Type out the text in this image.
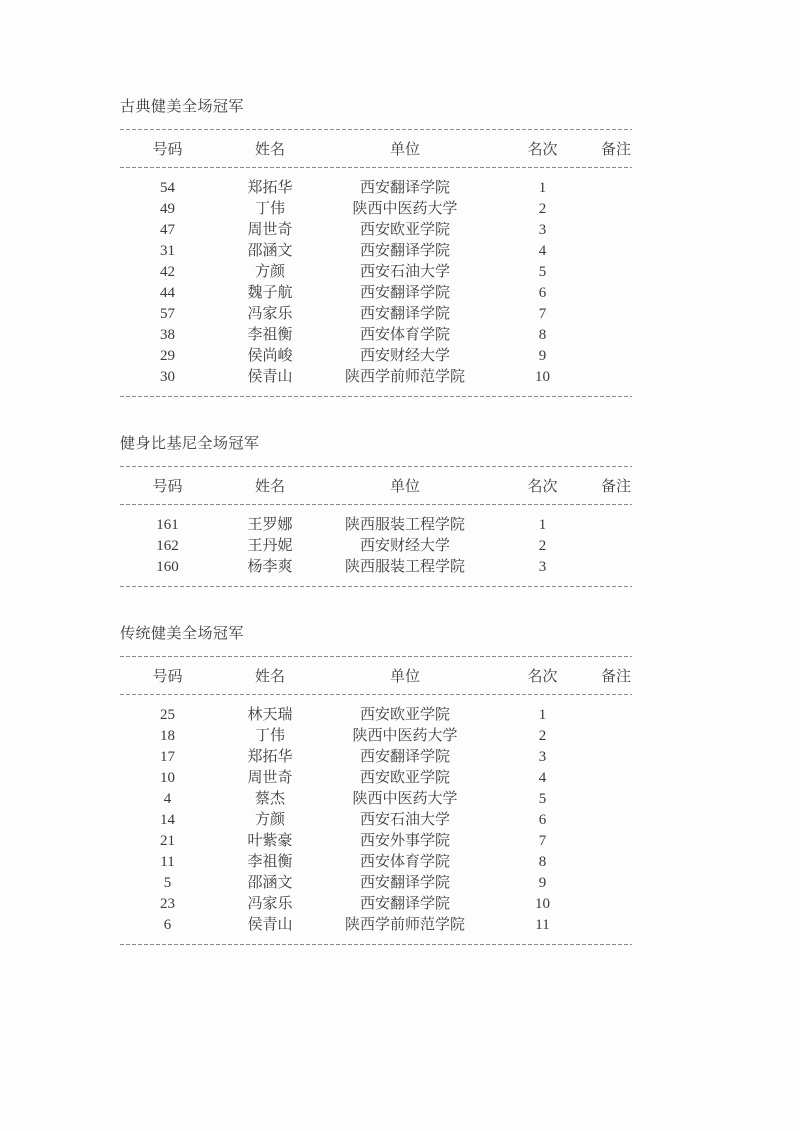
古典健美全场冠军
号码	姓名	单位	名次	备注
54	郑拓华	西安翻译学院	1
49	丁伟	陕西中医药大学	2
47	周世奇	西安欧亚学院	3
31	邵涵文	西安翻译学院	4
42	方颜	西安石油大学	5
44	魏子航	西安翻译学院	6
57	冯家乐	西安翻译学院	7
38	李祖衡	西安体育学院	8
29	侯尚峻	西安财经大学	9
30	侯青山	陕西学前师范学院	10
健身比基尼全场冠军
号码	姓名	单位	名次	备注
161	王罗娜	陕西服装工程学院	1
162	王丹妮	西安财经大学	2
160	杨李爽	陕西服装工程学院	3
传统健美全场冠军
号码	姓名	单位	名次	备注
25	林天瑞	西安欧亚学院	1
18	丁伟	陕西中医药大学	2
17	郑拓华	西安翻译学院	3
10	周世奇	西安欧亚学院	4
4	蔡杰	陕西中医药大学	5
14	方颜	西安石油大学	6
21	叶紫豪	西安外事学院	7
11	李祖衡	西安体育学院	8
5	邵涵文	西安翻译学院	9
23	冯家乐	西安翻译学院	10
6	侯青山	陕西学前师范学院	11
